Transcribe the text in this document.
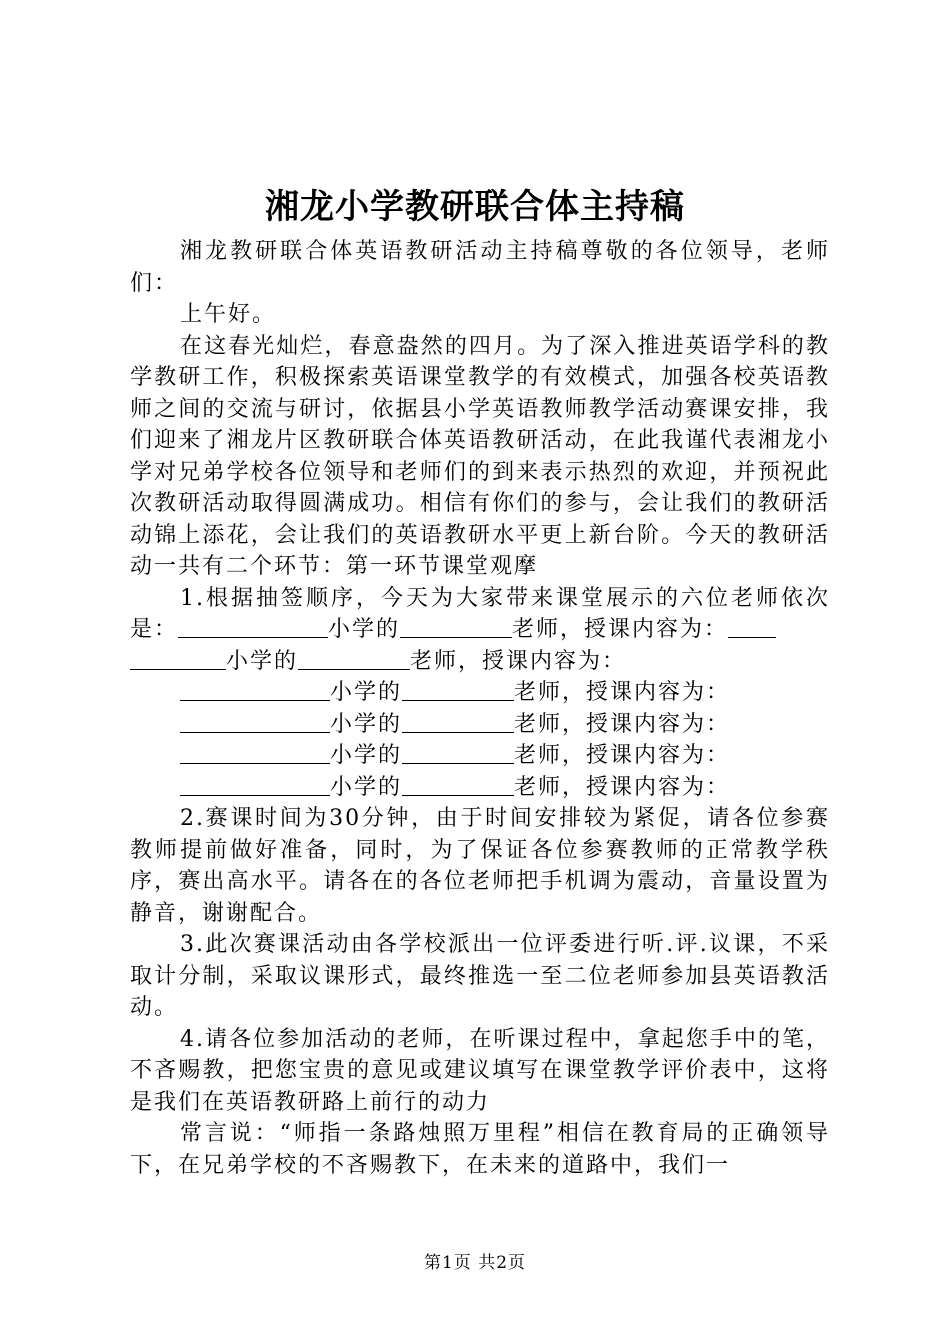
湘龙小学教研联合体主持稿

湘龙教研联合体英语教研活动主持稿尊敬的各位领导，老师们：

上午好。

在这春光灿烂，春意盎然的四月。为了深入推进英语学科的教学教研工作，积极探索英语课堂教学的有效模式，加强各校英语教师之间的交流与研讨，依据县小学英语教师教学活动赛课安排，我们迎来了湘龙片区教研联合体英语教研活动，在此我谨代表湘龙小学对兄弟学校各位领导和老师们的到来表示热烈的欢迎，并预祝此次教研活动取得圆满成功。相信有你们的参与，会让我们的教研活动锦上添花，会让我们的英语教研水平更上新台阶。今天的教研活动一共有二个环节：第一环节课堂观摩

1.根据抽签顺序，今天为大家带来课堂展示的六位老师依次是：	小学的	老师，授课内容为：
小学的	老师，授课内容为：

小学的	老师，授课内容为：
小学的	老师，授课内容为：
小学的	老师，授课内容为：
小学的	老师，授课内容为：

2.赛课时间为30分钟，由于时间安排较为紧促，请各位参赛教师提前做好准备，同时，为了保证各位参赛教师的正常教学秩序，赛出高水平。请各在的各位老师把手机调为震动，音量设置为静音，谢谢配合。

3.此次赛课活动由各学校派出一位评委进行听.评.议课，不采取计分制，采取议课形式，最终推选一至二位老师参加县英语教活动。

4.请各位参加活动的老师，在听课过程中，拿起您手中的笔，不吝赐教，把您宝贵的意见或建议填写在课堂教学评价表中，这将是我们在英语教研路上前行的动力

常言说：“师指一条路烛照万里程”相信在教育局的正确领导下，在兄弟学校的不吝赐教下，在未来的道路中，我们一

第1页 共2页
